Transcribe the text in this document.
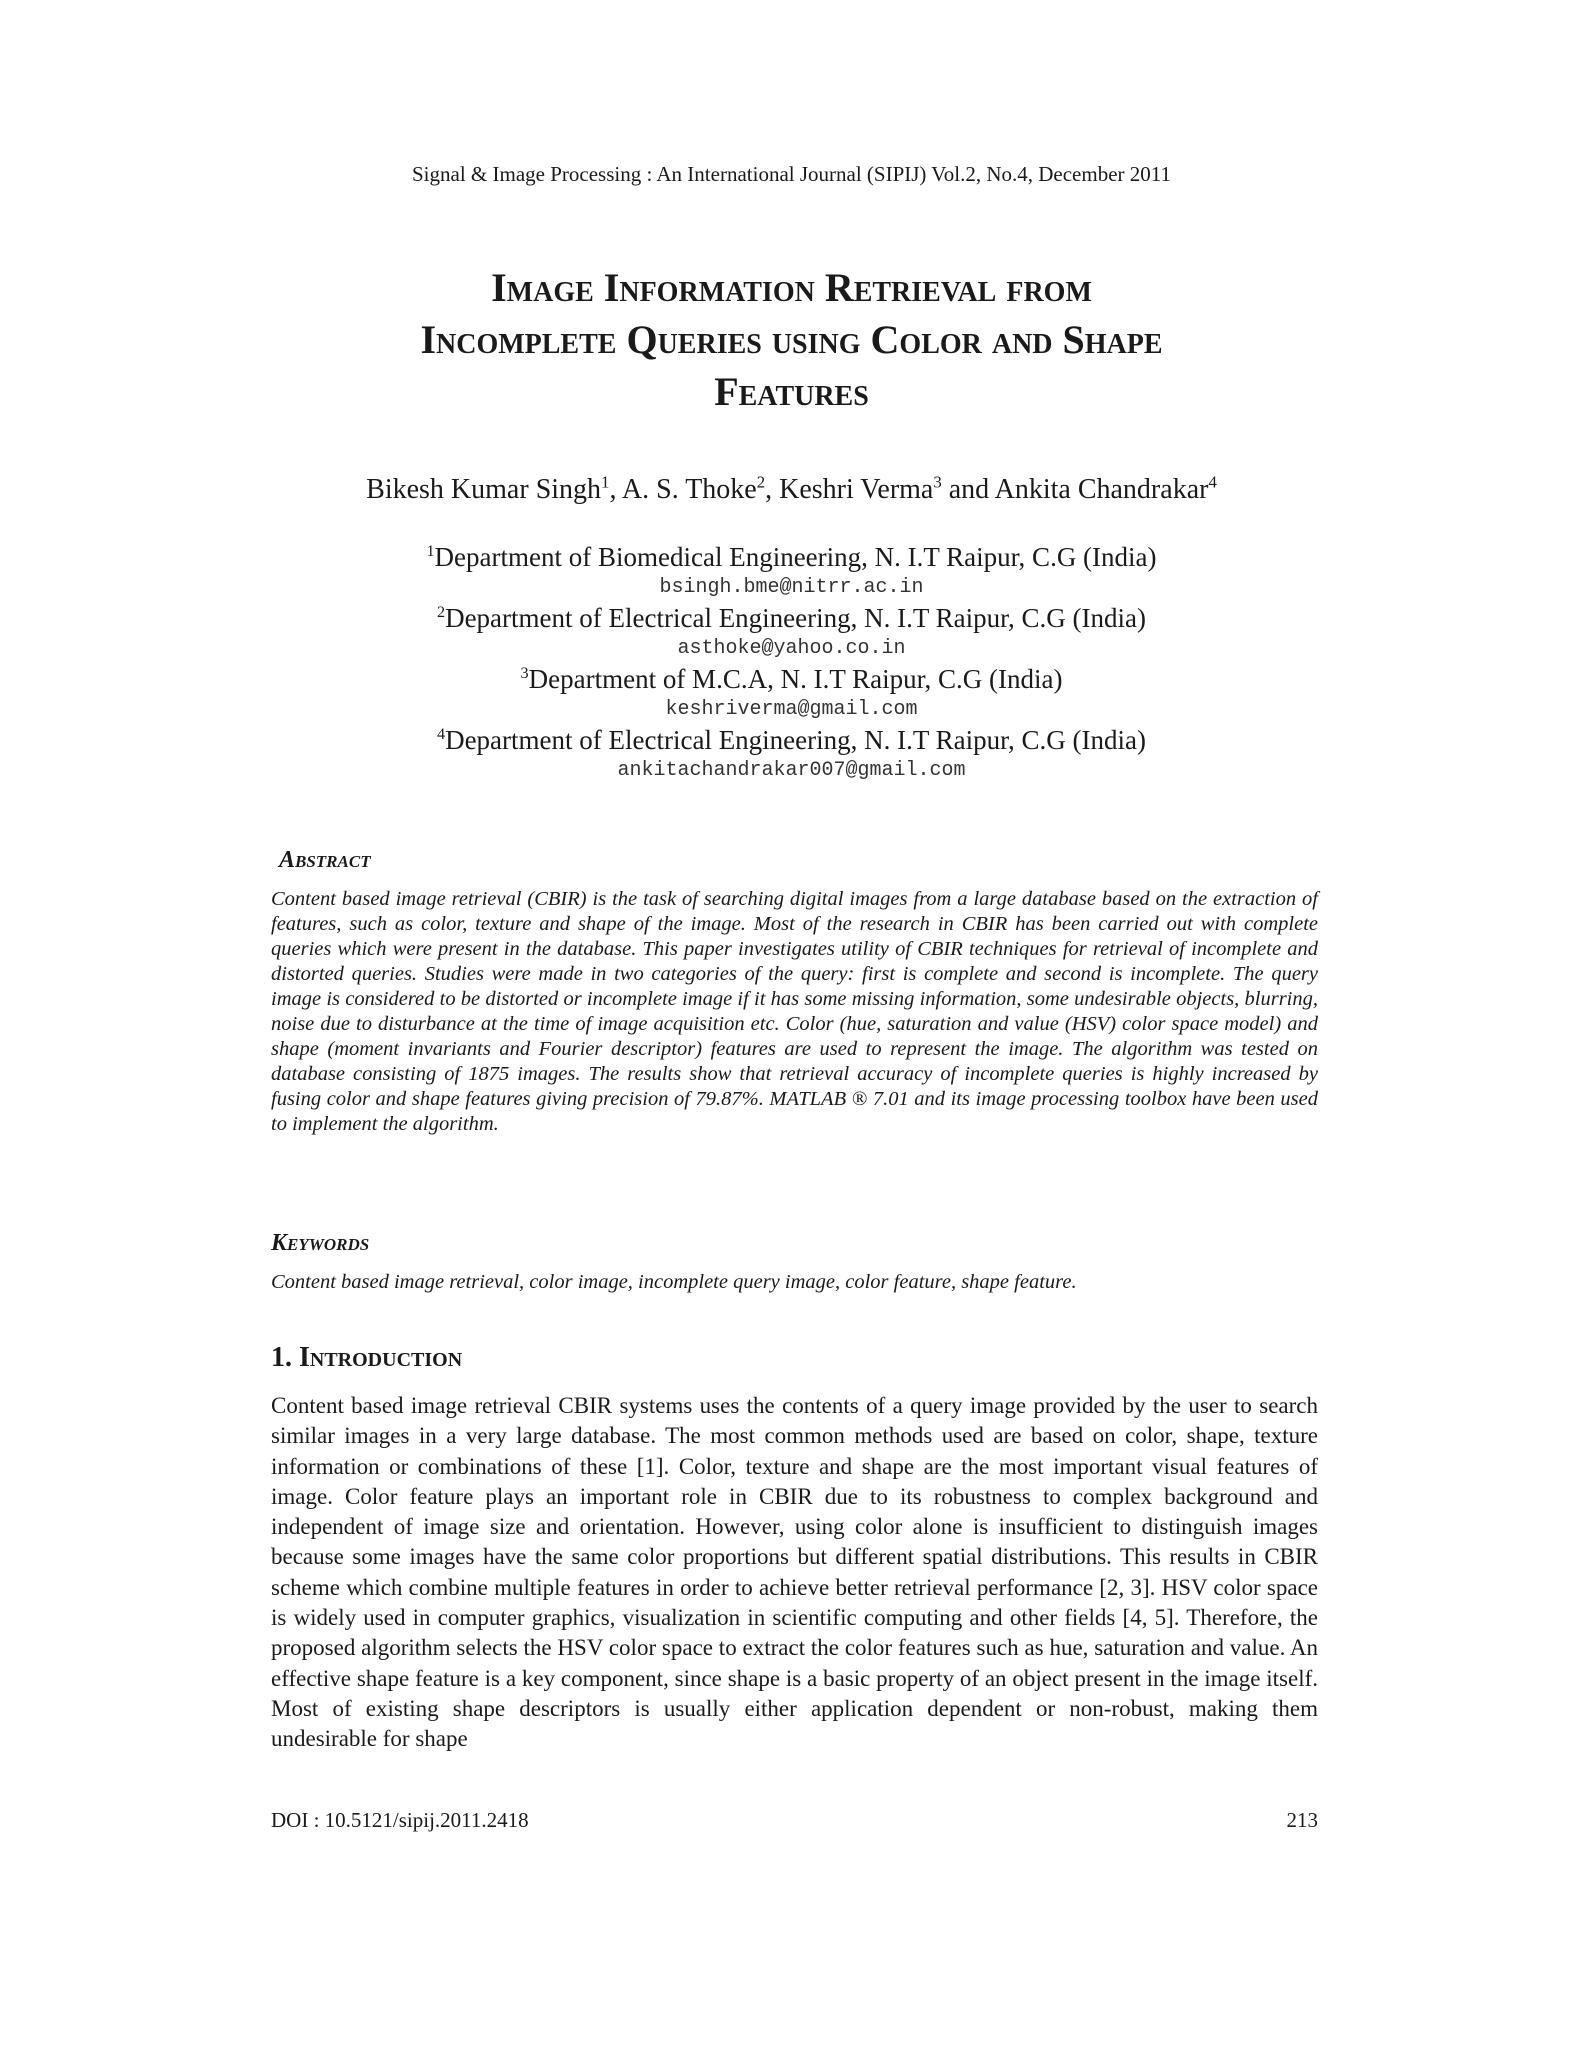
Signal & Image Processing : An International Journal (SIPIJ) Vol.2, No.4, December 2011
Image Information Retrieval from
Incomplete Queries using Color and Shape
Features
Bikesh Kumar Singh$^1$, A. S. Thoke$^2$, Keshri Verma$^3$ and Ankita Chandrakar$^4$
$^1$Department of Biomedical Engineering, N. I.T Raipur, C.G (India)
bsingh.bme@nitrr.ac.in
$^2$Department of Electrical Engineering, N. I.T Raipur, C.G (India)
asthoke@yahoo.co.in
$^3$Department of M.C.A, N. I.T Raipur, C.G (India)
keshriverma@gmail.com
$^4$Department of Electrical Engineering, N. I.T Raipur, C.G (India)
ankitachandrakar007@gmail.com
Abstract
Content based image retrieval (CBIR) is the task of searching digital images from a large database based on the extraction of features, such as color, texture and shape of the image. Most of the research in CBIR has been carried out with complete queries which were present in the database. This paper investigates utility of CBIR techniques for retrieval of incomplete and distorted queries. Studies were made in two categories of the query: first is complete and second is incomplete. The query image is considered to be distorted or incomplete image if it has some missing information, some undesirable objects, blurring, noise due to disturbance at the time of image acquisition etc. Color (hue, saturation and value (HSV) color space model) and shape (moment invariants and Fourier descriptor) features are used to represent the image. The algorithm was tested on database consisting of 1875 images. The results show that retrieval accuracy of incomplete queries is highly increased by fusing color and shape features giving precision of 79.87%. MATLAB ® 7.01 and its image processing toolbox have been used to implement the algorithm.
Keywords
Content based image retrieval, color image, incomplete query image, color feature, shape feature.
1. Introduction
Content based image retrieval CBIR systems uses the contents of a query image provided by the user to search similar images in a very large database. The most common methods used are based on color, shape, texture information or combinations of these [1]. Color, texture and shape are the most important visual features of image. Color feature plays an important role in CBIR due to its robustness to complex background and independent of image size and orientation. However, using color alone is insufficient to distinguish images because some images have the same color proportions but different spatial distributions. This results in CBIR scheme which combine multiple features in order to achieve better retrieval performance [2, 3]. HSV color space is widely used in computer graphics, visualization in scientific computing and other fields [4, 5]. Therefore, the proposed algorithm selects the HSV color space to extract the color features such as hue, saturation and value. An effective shape feature is a key component, since shape is a basic property of an object present in the image itself. Most of existing shape descriptors is usually either application dependent or non-robust, making them undesirable for shape
DOI : 10.5121/sipij.2011.2418	213
